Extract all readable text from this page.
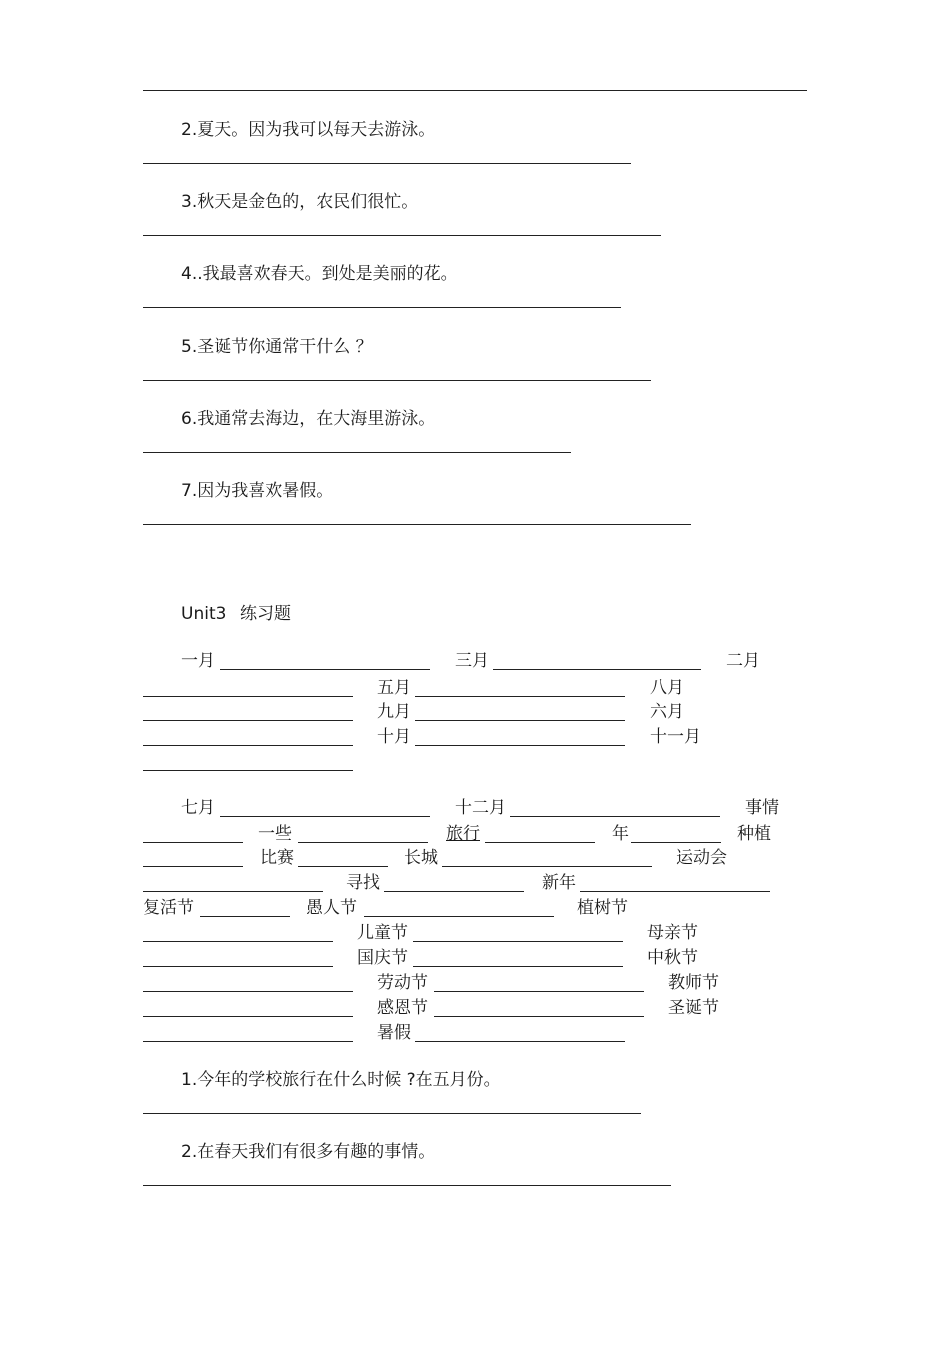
2.夏天。因为我可以每天去游泳。
3.秋天是金色的，农民们很忙。
4..我最喜欢春天。到处是美丽的花。
5.圣诞节你通常干什么 ？
6.我通常去海边，在大海里游泳。
7.因为我喜欢暑假。
Unit3 练习题
一月	三月	二月
五月	八月
九月	六月
十月	十一月
七月	十二月	事情
一些	旅行	年	种植
比赛	长城	运动会
寻找	新年
复活节	愚人节	植树节
儿童节	母亲节
国庆节	中秋节
劳动节	教师节
感恩节	圣诞节
暑假
1.今年的学校旅行在什么时候 ?在五月份。
2.在春天我们有很多有趣的事情。
